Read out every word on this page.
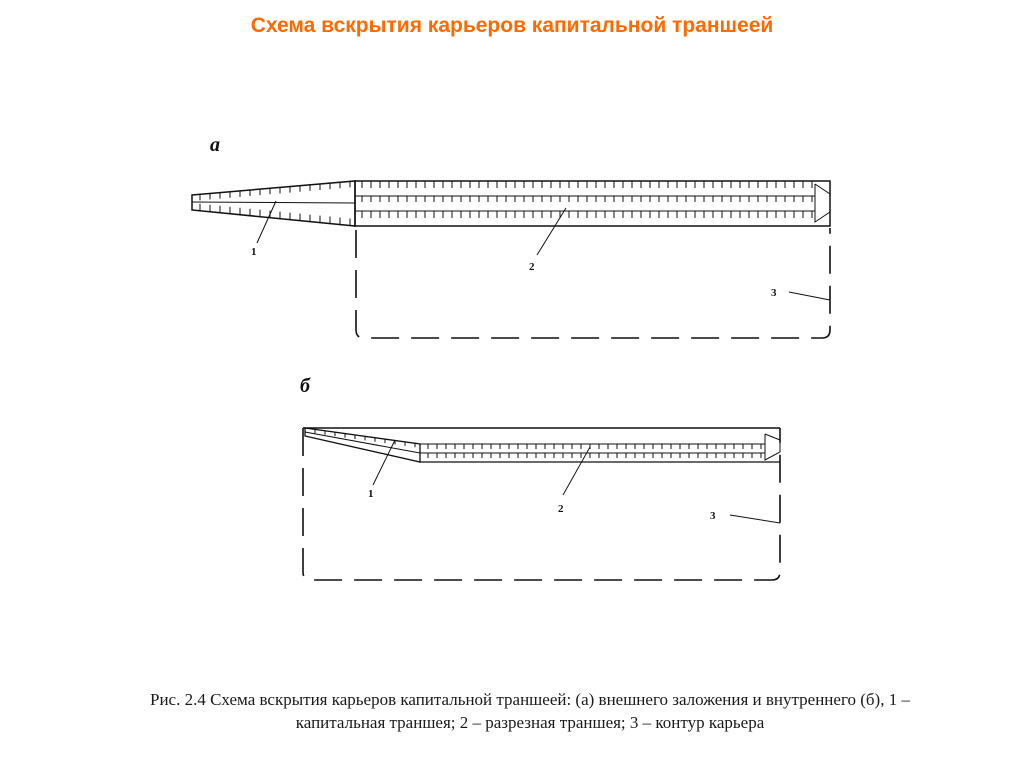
Схема вскрытия карьеров капитальной траншеей
а
1
2
3
б
1
2
3
Рис. 2.4 Схема вскрытия карьеров капитальной траншеей: (а) внешнего заложения и внутреннего (б), 1 –
капитальная траншея; 2 – разрезная траншея; 3 – контур карьера
